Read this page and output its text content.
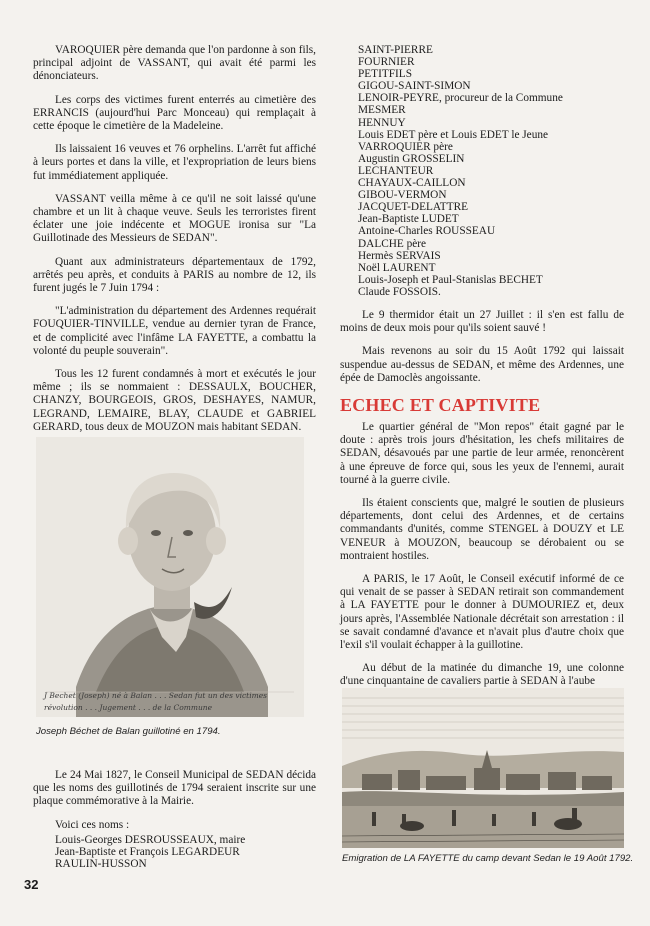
VAROQUIER père demanda que l'on pardonne à son fils, principal adjoint de VASSANT, qui avait été parmi les dénonciateurs.

Les corps des victimes furent enterrés au cimetière des ERRANCIS (aujourd'hui Parc Monceau) qui remplaçait à cette époque le cimetière de la Madeleine.

Ils laissaient 16 veuves et 76 orphelins. L'arrêt fut affiché à leurs portes et dans la ville, et l'expropriation de leurs biens fut immédiatement appliquée.

VASSANT veilla même à ce qu'il ne soit laissé qu'une chambre et un lit à chaque veuve. Seuls les terroristes firent éclater une joie indécente et MOGUE ironisa sur "La Guillotinade des Messieurs de SEDAN".

Quant aux administrateurs départementaux de 1792, arrêtés peu après, et conduits à PARIS au nombre de 12, ils furent jugés le 7 Juin 1794 :

"L'administration du département des Ardennes requérait FOUQUIER-TINVILLE, vendue au dernier tyran de France, et de complicité avec l'infâme LA FAYETTE, a combattu la volonté du peuple souverain".

Tous les 12 furent condamnés à mort et exécutés le jour même ; ils se nommaient : DESSAULX, BOUCHER, CHANZY, BOURGEOIS, GROS, DESHAYES, NAMUR, LEGRAND, LEMAIRE, BLAY, CLAUDE et GABRIEL GERARD, tous deux de MOUZON mais habitant SEDAN.

J Bechet (Joseph) né à Balan . . . Sedan fut un des victimes
révolution . . . Jugement . . . de la Commune
Joseph Béchet de Balan guillotiné en 1794.

Le 24 Mai 1827, le Conseil Municipal de SEDAN décida que les noms des guillotinés de 1794 seraient inscrite sur une plaque commémorative à la Mairie.

Voici ces noms :

Louis-Georges DESROUSSEAUX, maire
Jean-Baptiste et François LEGARDEUR
RAULIN-HUSSON
SAINT-PIERRE
FOURNIER
PETITFILS
GIGOU-SAINT-SIMON
LENOIR-PEYRE, procureur de la Commune
MESMER
HENNUY
Louis EDET père et Louis EDET le Jeune
VARROQUIER père
Augustin GROSSELIN
LECHANTEUR
CHAYAUX-CAILLON
GIBOU-VERMON
JACQUET-DELATTRE
Jean-Baptiste LUDET
Antoine-Charles ROUSSEAU
DALCHE père
Hermès SERVAIS
Noël LAURENT
Louis-Joseph et Paul-Stanislas BECHET
Claude FOSSOIS.

Le 9 thermidor était un 27 Juillet : il s'en est fallu de moins de deux mois pour qu'ils soient sauvé !

Mais revenons au soir du 15 Août 1792 qui laissait suspendue au-dessus de SEDAN, et même des Ardennes, une épée de Damoclès angoissante.

ECHEC ET CAPTIVITE

Le quartier général de "Mon repos" était gagné par le doute : après trois jours d'hésitation, les chefs militaires de SEDAN, désavoués par une partie de leur armée, renoncèrent à une épreuve de force qui, sous les yeux de l'ennemi, aurait tourné à la guerre civile.

Ils étaient conscients que, malgré le soutien de plusieurs départements, dont celui des Ardennes, et de certains commandants d'unités, comme STENGEL à DOUZY et LE VENEUR à MOUZON, beaucoup se dérobaient ou se montraient hostiles.

A PARIS, le 17 Août, le Conseil exécutif informé de ce qui venait de se passer à SEDAN retirait son commandement à LA FAYETTE pour le donner à DUMOURIEZ et, deux jours après, l'Assemblée Nationale décrétait son arrestation : il se savait condamné d'avance et n'avait plus d'autre choix que l'exil s'il voulait échapper à la guillotine.

Au début de la matinée du dimanche 19, une colonne d'une cinquantaine de cavaliers partie à SEDAN à l'aube

Emigration de LA FAYETTE du camp devant Sedan le 19 Août 1792.
32
